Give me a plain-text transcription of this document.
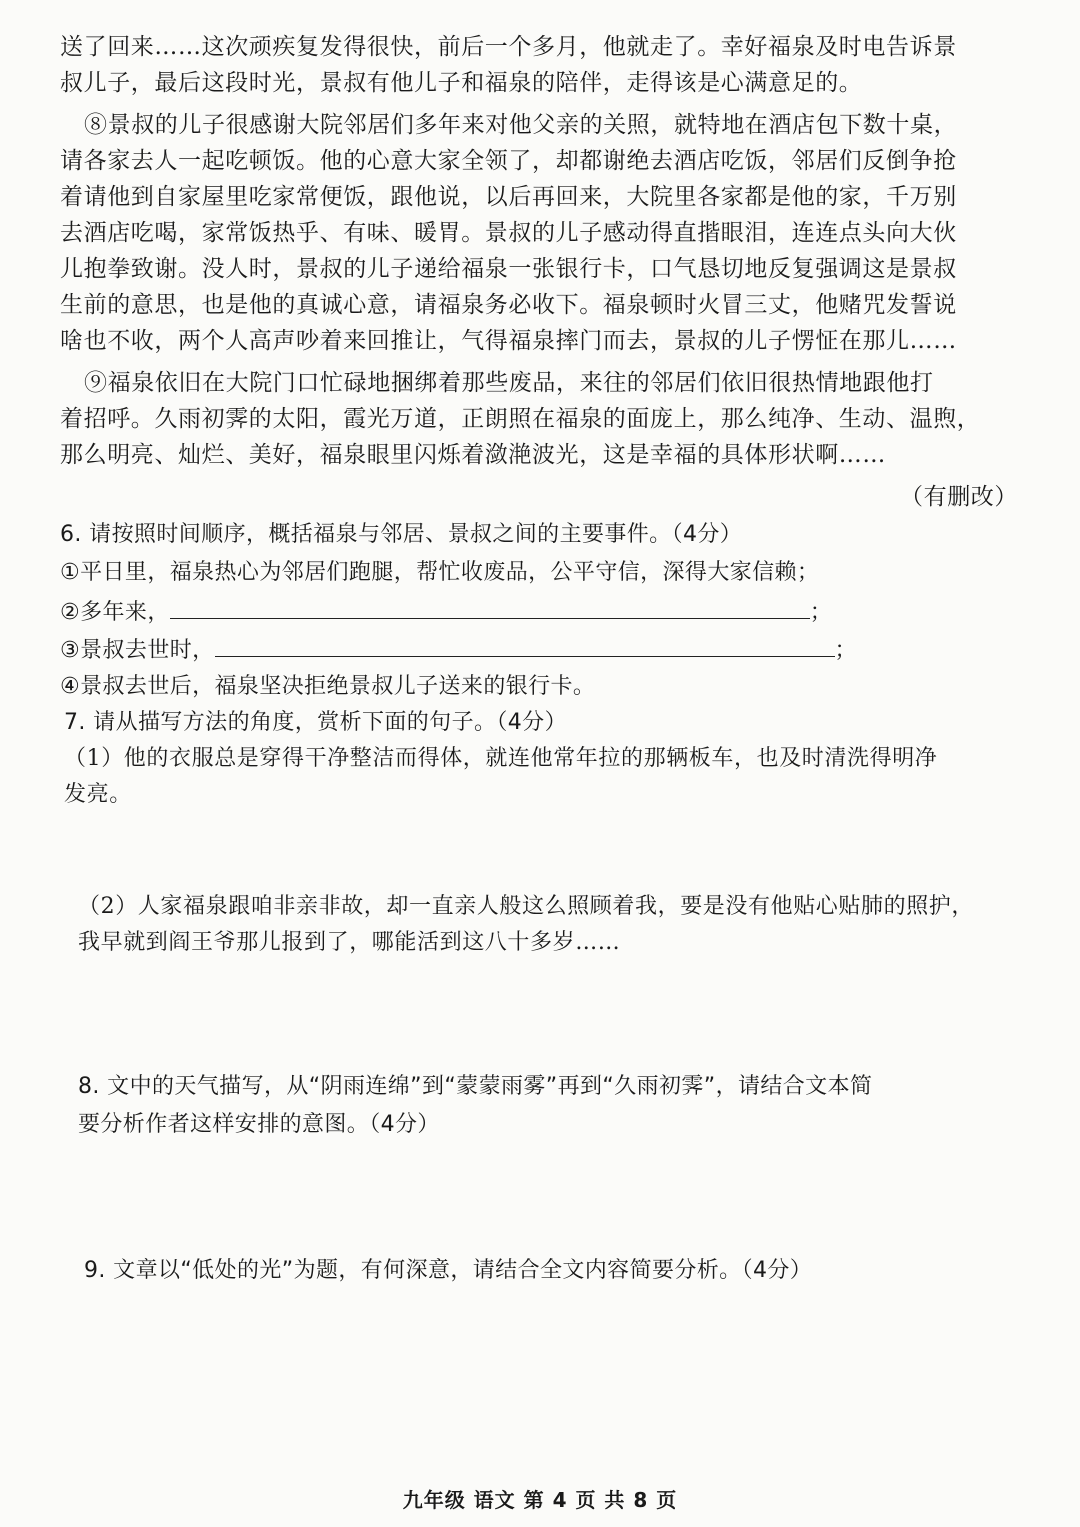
送了回来……这次顽疾复发得很快，前后一个多月，他就走了。幸好福泉及时电告诉景
叔儿子，最后这段时光，景叔有他儿子和福泉的陪伴，走得该是心满意足的。
⑧景叔的儿子很感谢大院邻居们多年来对他父亲的关照，就特地在酒店包下数十桌，
请各家去人一起吃顿饭。他的心意大家全领了，却都谢绝去酒店吃饭，邻居们反倒争抢
着请他到自家屋里吃家常便饭，跟他说，以后再回来，大院里各家都是他的家，千万别
去酒店吃喝，家常饭热乎、有味、暖胃。景叔的儿子感动得直揩眼泪，连连点头向大伙
儿抱拳致谢。没人时，景叔的儿子递给福泉一张银行卡，口气恳切地反复强调这是景叔
生前的意思，也是他的真诚心意，请福泉务必收下。福泉顿时火冒三丈，他赌咒发誓说
啥也不收，两个人高声吵着来回推让，气得福泉摔门而去，景叔的儿子愣怔在那儿……
⑨福泉依旧在大院门口忙碌地捆绑着那些废品，来往的邻居们依旧很热情地跟他打
着招呼。久雨初霁的太阳，霞光万道，正朗照在福泉的面庞上，那么纯净、生动、温煦，
那么明亮、灿烂、美好，福泉眼里闪烁着潋滟波光，这是幸福的具体形状啊……
（有删改）
6. 请按照时间顺序，概括福泉与邻居、景叔之间的主要事件。（4分）
①平日里，福泉热心为邻居们跑腿，帮忙收废品，公平守信，深得大家信赖；
②多年来，	；
③景叔去世时，	；
④景叔去世后，福泉坚决拒绝景叔儿子送来的银行卡。
7. 请从描写方法的角度，赏析下面的句子。（4分）
（1）他的衣服总是穿得干净整洁而得体，就连他常年拉的那辆板车，也及时清洗得明净
发亮。
（2）人家福泉跟咱非亲非故，却一直亲人般这么照顾着我，要是没有他贴心贴肺的照护，
我早就到阎王爷那儿报到了，哪能活到这八十多岁……
8. 文中的天气描写，从“阴雨连绵”到“蒙蒙雨雾”再到“久雨初霁”，请结合文本简
要分析作者这样安排的意图。（4分）
9. 文章以“低处的光”为题，有何深意，请结合全文内容简要分析。（4分）
九年级 语文 第 4 页 共 8 页
